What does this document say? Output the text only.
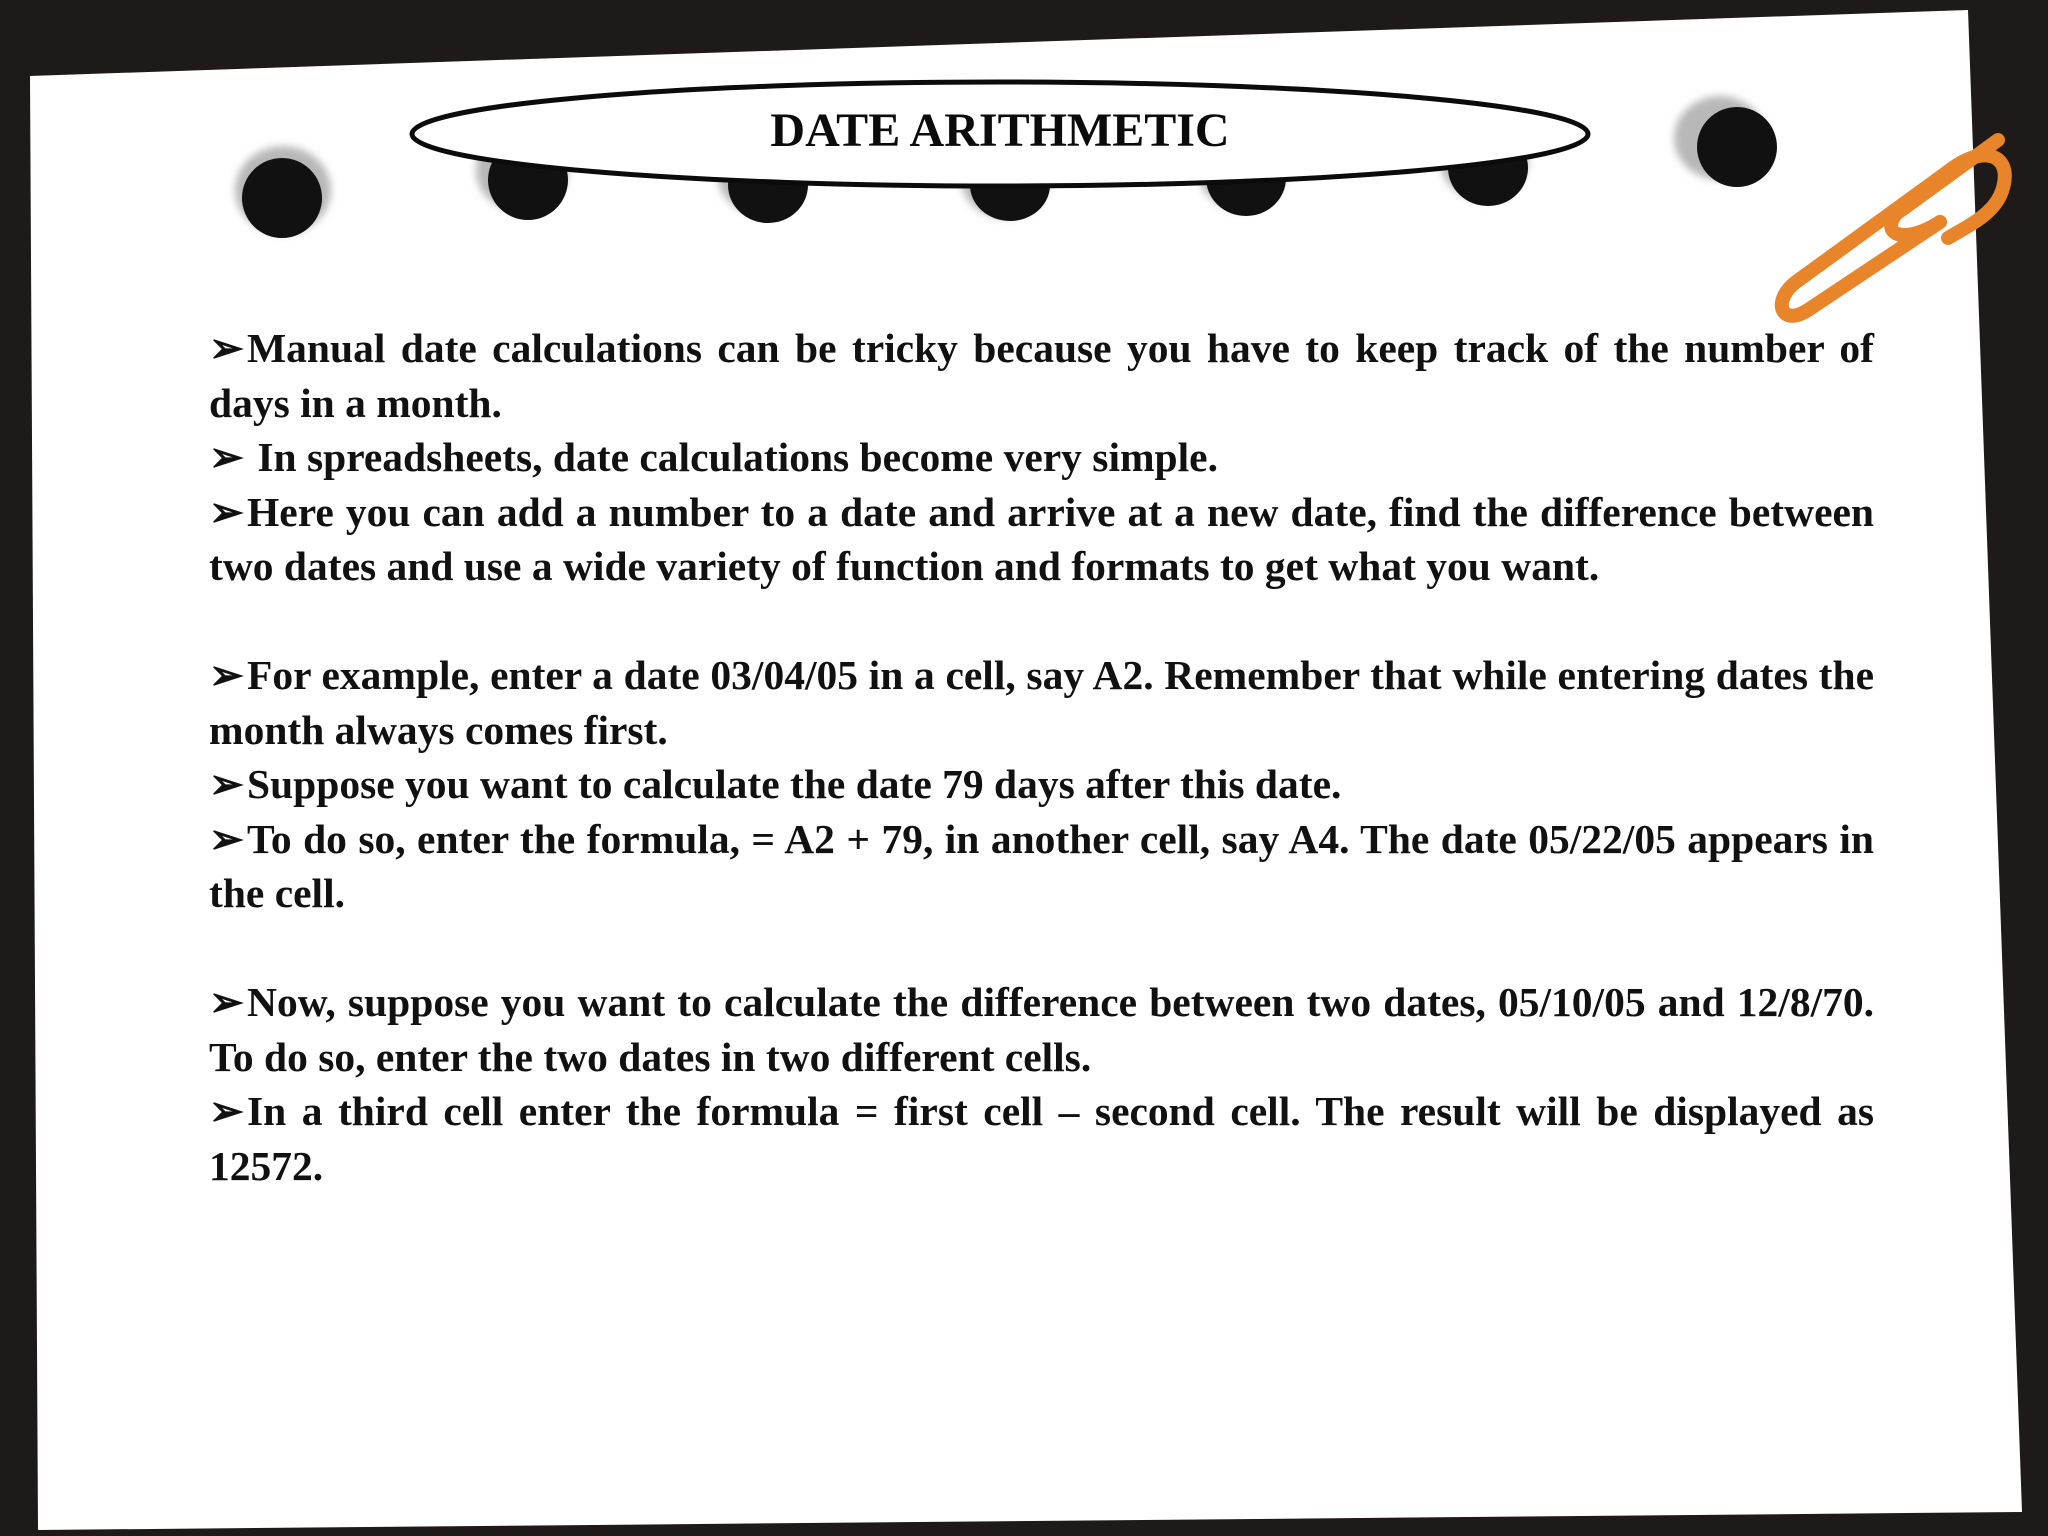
DATE ARITHMETIC

➢Manual date calculations can be tricky because you have to keep track of the number of days in a month.

➢ In spreadsheets, date calculations become very simple.

➢Here you can add a number to a date and arrive at a new date, find the difference between two dates and use a wide variety of function and formats to get what you want.

➢For example, enter a date 03/04/05 in a cell, say A2. Remember that while entering dates the month always comes first.

➢Suppose you want to calculate the date 79 days after this date.

➢To do so, enter the formula, = A2 + 79, in another cell, say A4. The date 05/22/05 appears in the cell.

➢Now, suppose you want to calculate the difference between two dates, 05/10/05 and 12/8/70. To do so, enter the two dates in two different cells.

➢In a third cell enter the formula = first cell – second cell. The result will be displayed as 12572.
